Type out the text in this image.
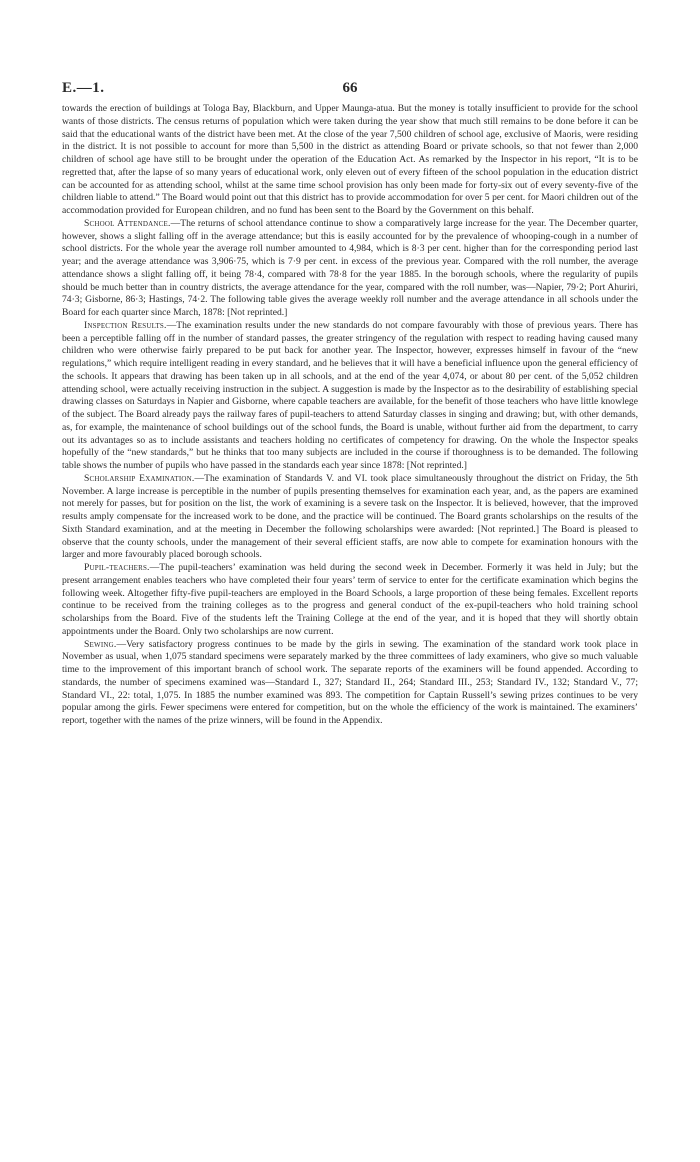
E.—1.	66

towards the erection of buildings at Tologa Bay, Blackburn, and Upper Maunga-atua. But the money is totally insufficient to provide for the school wants of those districts. The census returns of population which were taken during the year show that much still remains to be done before it can be said that the educational wants of the district have been met. At the close of the year 7,500 children of school age, exclusive of Maoris, were residing in the district. It is not possible to account for more than 5,500 in the district as attending Board or private schools, so that not fewer than 2,000 children of school age have still to be brought under the operation of the Education Act. As remarked by the Inspector in his report, “It is to be regretted that, after the lapse of so many years of educational work, only eleven out of every fifteen of the school population in the education district can be accounted for as attending school, whilst at the same time school provision has only been made for forty-six out of every seventy-five of the children liable to attend.” The Board would point out that this district has to provide accommodation for over 5 per cent. for Maori children out of the accommodation provided for European children, and no fund has been sent to the Board by the Government on this behalf.

School Attendance.—The returns of school attendance continue to show a comparatively large increase for the year. The December quarter, however, shows a slight falling off in the average attendance; but this is easily accounted for by the prevalence of whooping-cough in a number of school districts. For the whole year the average roll number amounted to 4,984, which is 8·3 per cent. higher than for the corresponding period last year; and the average attendance was 3,906·75, which is 7·9 per cent. in excess of the previous year. Compared with the roll number, the average attendance shows a slight falling off, it being 78·4, compared with 78·8 for the year 1885. In the borough schools, where the regularity of pupils should be much better than in country districts, the average attendance for the year, compared with the roll number, was—Napier, 79·2; Port Ahuriri, 74·3; Gisborne, 86·3; Hastings, 74·2. The following table gives the average weekly roll number and the average attendance in all schools under the Board for each quarter since March, 1878: [Not reprinted.]

Inspection Results.—The examination results under the new standards do not compare favourably with those of previous years. There has been a perceptible falling off in the number of standard passes, the greater stringency of the regulation with respect to reading having caused many children who were otherwise fairly prepared to be put back for another year. The Inspector, however, expresses himself in favour of the “new regulations,” which require intelligent reading in every standard, and he believes that it will have a beneficial influence upon the general efficiency of the schools. It appears that drawing has been taken up in all schools, and at the end of the year 4,074, or about 80 per cent. of the 5,052 children attending school, were actually receiving instruction in the subject. A suggestion is made by the Inspector as to the desirability of establishing special drawing classes on Saturdays in Napier and Gisborne, where capable teachers are available, for the benefit of those teachers who have little knowlege of the subject. The Board already pays the railway fares of pupil-teachers to attend Saturday classes in singing and drawing; but, with other demands, as, for example, the maintenance of school buildings out of the school funds, the Board is unable, without further aid from the department, to carry out its advantages so as to include assistants and teachers holding no certificates of competency for drawing. On the whole the Inspector speaks hopefully of the “new standards,” but he thinks that too many subjects are included in the course if thoroughness is to be demanded. The following table shows the number of pupils who have passed in the standards each year since 1878: [Not reprinted.]

Scholarship Examination.—The examination of Standards V. and VI. took place simultaneously throughout the district on Friday, the 5th November. A large increase is perceptible in the number of pupils presenting themselves for examination each year, and, as the papers are examined not merely for passes, but for position on the list, the work of examining is a severe task on the Inspector. It is believed, however, that the improved results amply compensate for the increased work to be done, and the practice will be continued. The Board grants scholarships on the results of the Sixth Standard examination, and at the meeting in December the following scholarships were awarded: [Not reprinted.] The Board is pleased to observe that the county schools, under the management of their several efficient staffs, are now able to compete for examination honours with the larger and more favourably placed borough schools.

Pupil-teachers.—The pupil-teachers’ examination was held during the second week in December. Formerly it was held in July; but the present arrangement enables teachers who have completed their four years’ term of service to enter for the certificate examination which begins the following week. Altogether fifty-five pupil-teachers are employed in the Board Schools, a large proportion of these being females. Excellent reports continue to be received from the training colleges as to the progress and general conduct of the ex-pupil-teachers who hold training school scholarships from the Board. Five of the students left the Training College at the end of the year, and it is hoped that they will shortly obtain appointments under the Board. Only two scholarships are now current.

Sewing.—Very satisfactory progress continues to be made by the girls in sewing. The examination of the standard work took place in November as usual, when 1,075 standard specimens were separately marked by the three committees of lady examiners, who give so much valuable time to the improvement of this important branch of school work. The separate reports of the examiners will be found appended. According to standards, the number of specimens examined was—Standard I., 327; Standard II., 264; Standard III., 253; Standard IV., 132; Standard V., 77; Standard VI., 22: total, 1,075. In 1885 the number examined was 893. The competition for Captain Russell’s sewing prizes continues to be very popular among the girls. Fewer specimens were entered for competition, but on the whole the efficiency of the work is maintained. The examiners’ report, together with the names of the prize winners, will be found in the Appendix.
